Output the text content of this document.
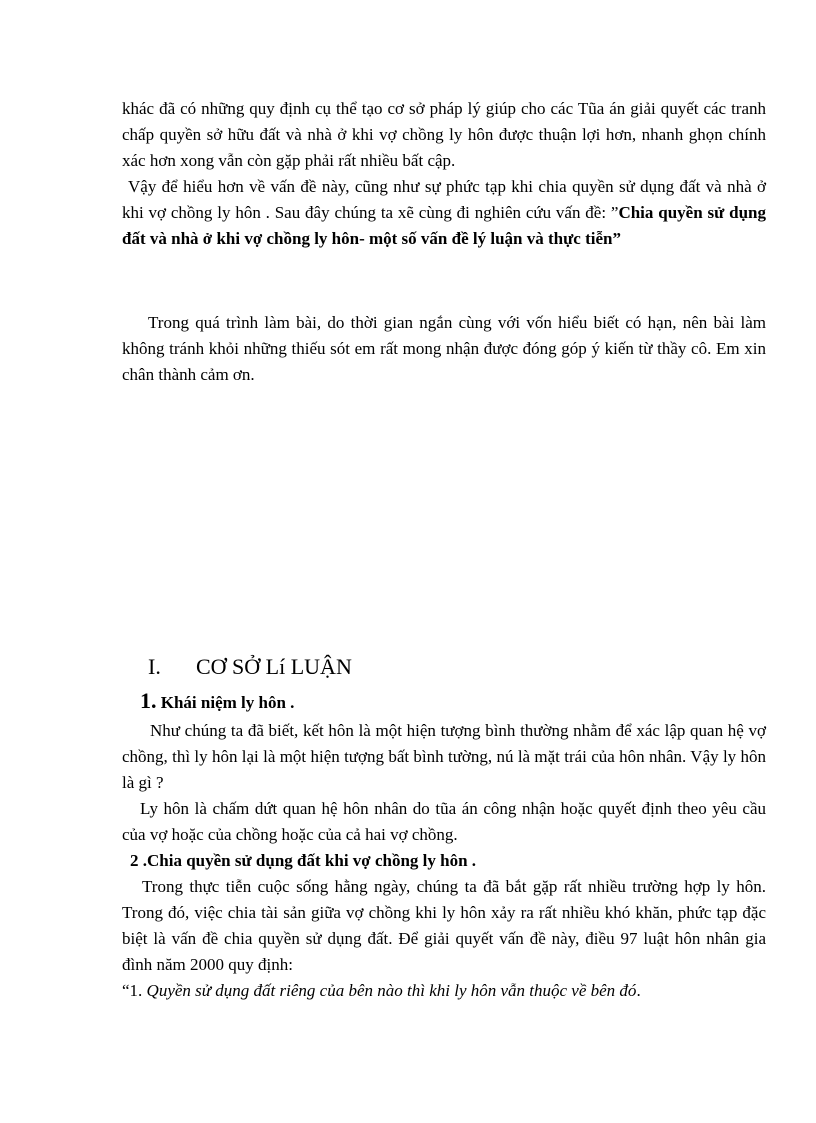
khác đã có những quy định cụ thể tạo cơ sở pháp lý giúp cho các Tũa án giải quyết các tranh chấp quyền sở hữu đất và nhà ở khi vợ chồng ly hôn được thuận lợi hơn, nhanh ghọn chính xác hơn xong vẫn còn gặp phải rất nhiều bất cập.

Vậy để hiểu hơn về vấn đề này, cũng như sự phức tạp khi chia quyền sử dụng đất và nhà ở khi vợ chồng ly hôn . Sau đây chúng ta xẽ cùng đi nghiên cứu vấn đề: ”Chia quyền sử dụng đất và nhà ở khi vợ chồng ly hôn- một số vấn đề lý luận và thực tiễn”

Trong quá trình làm bài, do thời gian ngắn cùng với vốn hiểu biết có hạn, nên bài làm không tránh khỏi những thiếu sót em rất mong nhận được đóng góp ý kiến từ thầy cô. Em xin chân thành cảm ơn.

I. CƠ SỞ Lí LUẬN

1. Khái niệm ly hôn .

Như chúng ta đã biết, kết hôn là một hiện tượng bình thường nhằm để xác lập quan hệ vợ chồng, thì ly hôn lại là một hiện tượng bất bình tường, nú là mặt trái của hôn nhân. Vậy ly hôn là gì ?

Ly hôn là chấm dứt quan hệ hôn nhân do tũa án công nhận hoặc quyết định theo yêu cầu của vợ hoặc của chồng hoặc của cả hai vợ chồng.

2 .Chia quyền sử dụng đất khi vợ chồng ly hôn .

Trong thực tiễn cuộc sống hằng ngày, chúng ta đã bắt gặp rất nhiều trường hợp ly hôn. Trong đó, việc chia tài sản giữa vợ chồng khi ly hôn xảy ra rất nhiều khó khăn, phức tạp đặc biệt là vấn đề chia quyền sử dụng đất. Để giải quyết vấn đề này, điều 97 luật hôn nhân gia đình năm 2000 quy định:

“1. Quyền sử dụng đất riêng của bên nào thì khi ly hôn vẫn thuộc về bên đó.
